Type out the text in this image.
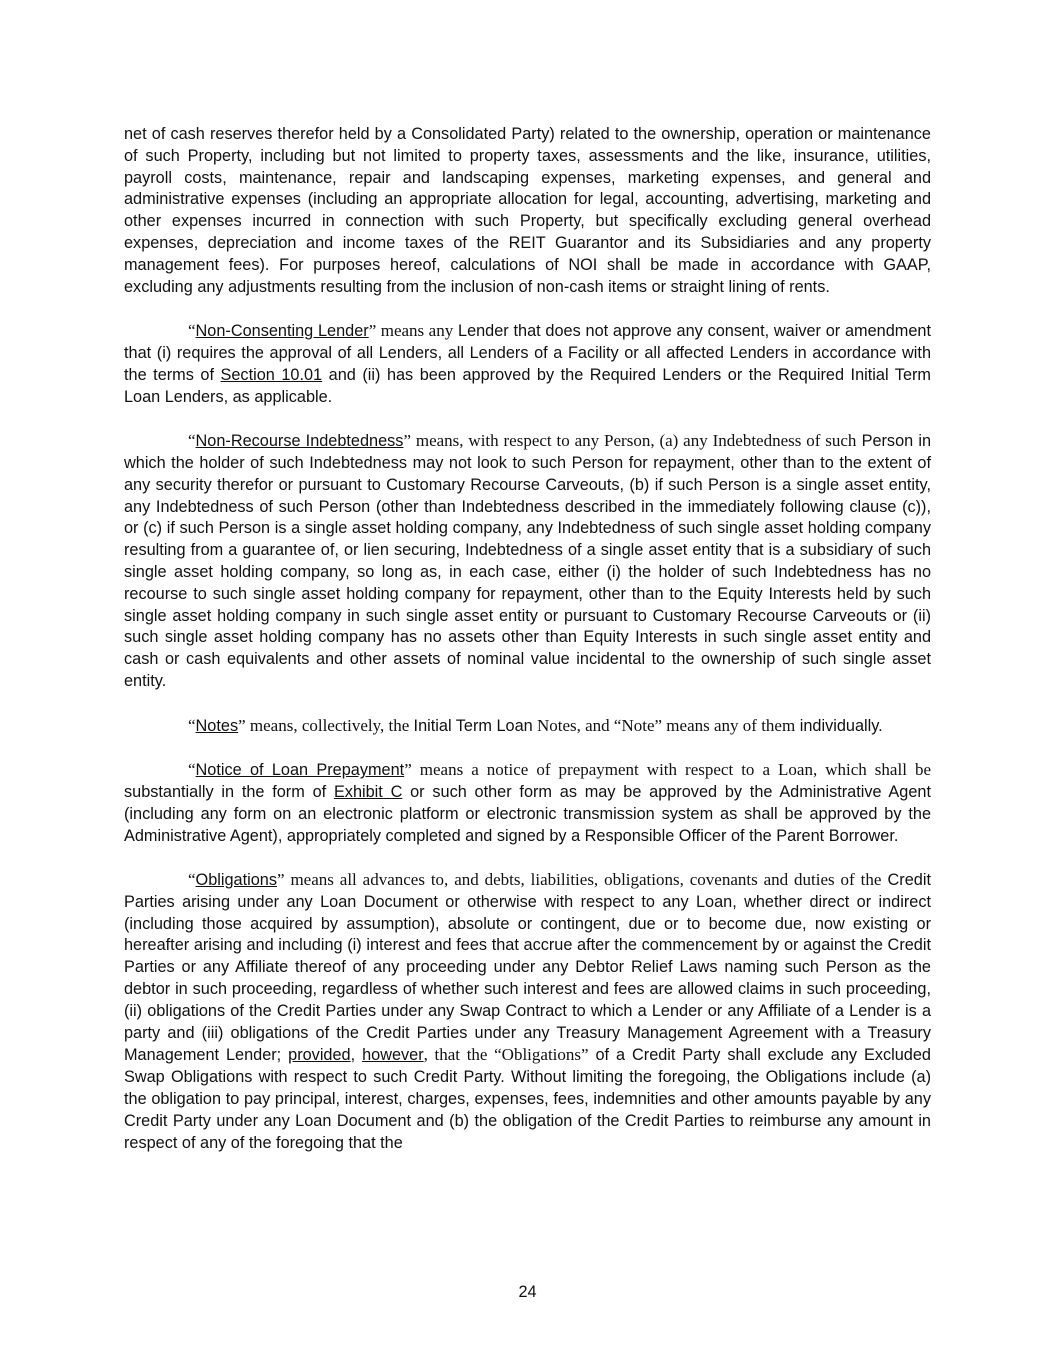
net of cash reserves therefor held by a Consolidated Party) related to the ownership, operation or maintenance of such Property, including but not limited to property taxes, assessments and the like, insurance, utilities, payroll costs, maintenance, repair and landscaping expenses, marketing expenses, and general and administrative expenses (including an appropriate allocation for legal, accounting, advertising, marketing and other expenses incurred in connection with such Property, but specifically excluding general overhead expenses, depreciation and income taxes of the REIT Guarantor and its Subsidiaries and any property management fees). For purposes hereof, calculations of NOI shall be made in accordance with GAAP, excluding any adjustments resulting from the inclusion of non-cash items or straight lining of rents.

“Non-Consenting Lender” means any Lender that does not approve any consent, waiver or amendment that (i) requires the approval of all Lenders, all Lenders of a Facility or all affected Lenders in accordance with the terms of Section 10.01 and (ii) has been approved by the Required Lenders or the Required Initial Term Loan Lenders, as applicable.

“Non-Recourse Indebtedness” means, with respect to any Person, (a) any Indebtedness of such Person in which the holder of such Indebtedness may not look to such Person for repayment, other than to the extent of any security therefor or pursuant to Customary Recourse Carveouts, (b) if such Person is a single asset entity, any Indebtedness of such Person (other than Indebtedness described in the immediately following clause (c)), or (c) if such Person is a single asset holding company, any Indebtedness of such single asset holding company resulting from a guarantee of, or lien securing, Indebtedness of a single asset entity that is a subsidiary of such single asset holding company, so long as, in each case, either (i) the holder of such Indebtedness has no recourse to such single asset holding company for repayment, other than to the Equity Interests held by such single asset holding company in such single asset entity or pursuant to Customary Recourse Carveouts or (ii) such single asset holding company has no assets other than Equity Interests in such single asset entity and cash or cash equivalents and other assets of nominal value incidental to the ownership of such single asset entity.

“Notes” means, collectively, the Initial Term Loan Notes, and “Note” means any of them individually.

“Notice of Loan Prepayment” means a notice of prepayment with respect to a Loan, which shall be substantially in the form of Exhibit C or such other form as may be approved by the Administrative Agent (including any form on an electronic platform or electronic transmission system as shall be approved by the Administrative Agent), appropriately completed and signed by a Responsible Officer of the Parent Borrower.

“Obligations” means all advances to, and debts, liabilities, obligations, covenants and duties of the Credit Parties arising under any Loan Document or otherwise with respect to any Loan, whether direct or indirect (including those acquired by assumption), absolute or contingent, due or to become due, now existing or hereafter arising and including (i) interest and fees that accrue after the commencement by or against the Credit Parties or any Affiliate thereof of any proceeding under any Debtor Relief Laws naming such Person as the debtor in such proceeding, regardless of whether such interest and fees are allowed claims in such proceeding, (ii) obligations of the Credit Parties under any Swap Contract to which a Lender or any Affiliate of a Lender is a party and (iii) obligations of the Credit Parties under any Treasury Management Agreement with a Treasury Management Lender; provided, however, that the “Obligations” of a Credit Party shall exclude any Excluded Swap Obligations with respect to such Credit Party. Without limiting the foregoing, the Obligations include (a) the obligation to pay principal, interest, charges, expenses, fees, indemnities and other amounts payable by any Credit Party under any Loan Document and (b) the obligation of the Credit Parties to reimburse any amount in respect of any of the foregoing that the

24
